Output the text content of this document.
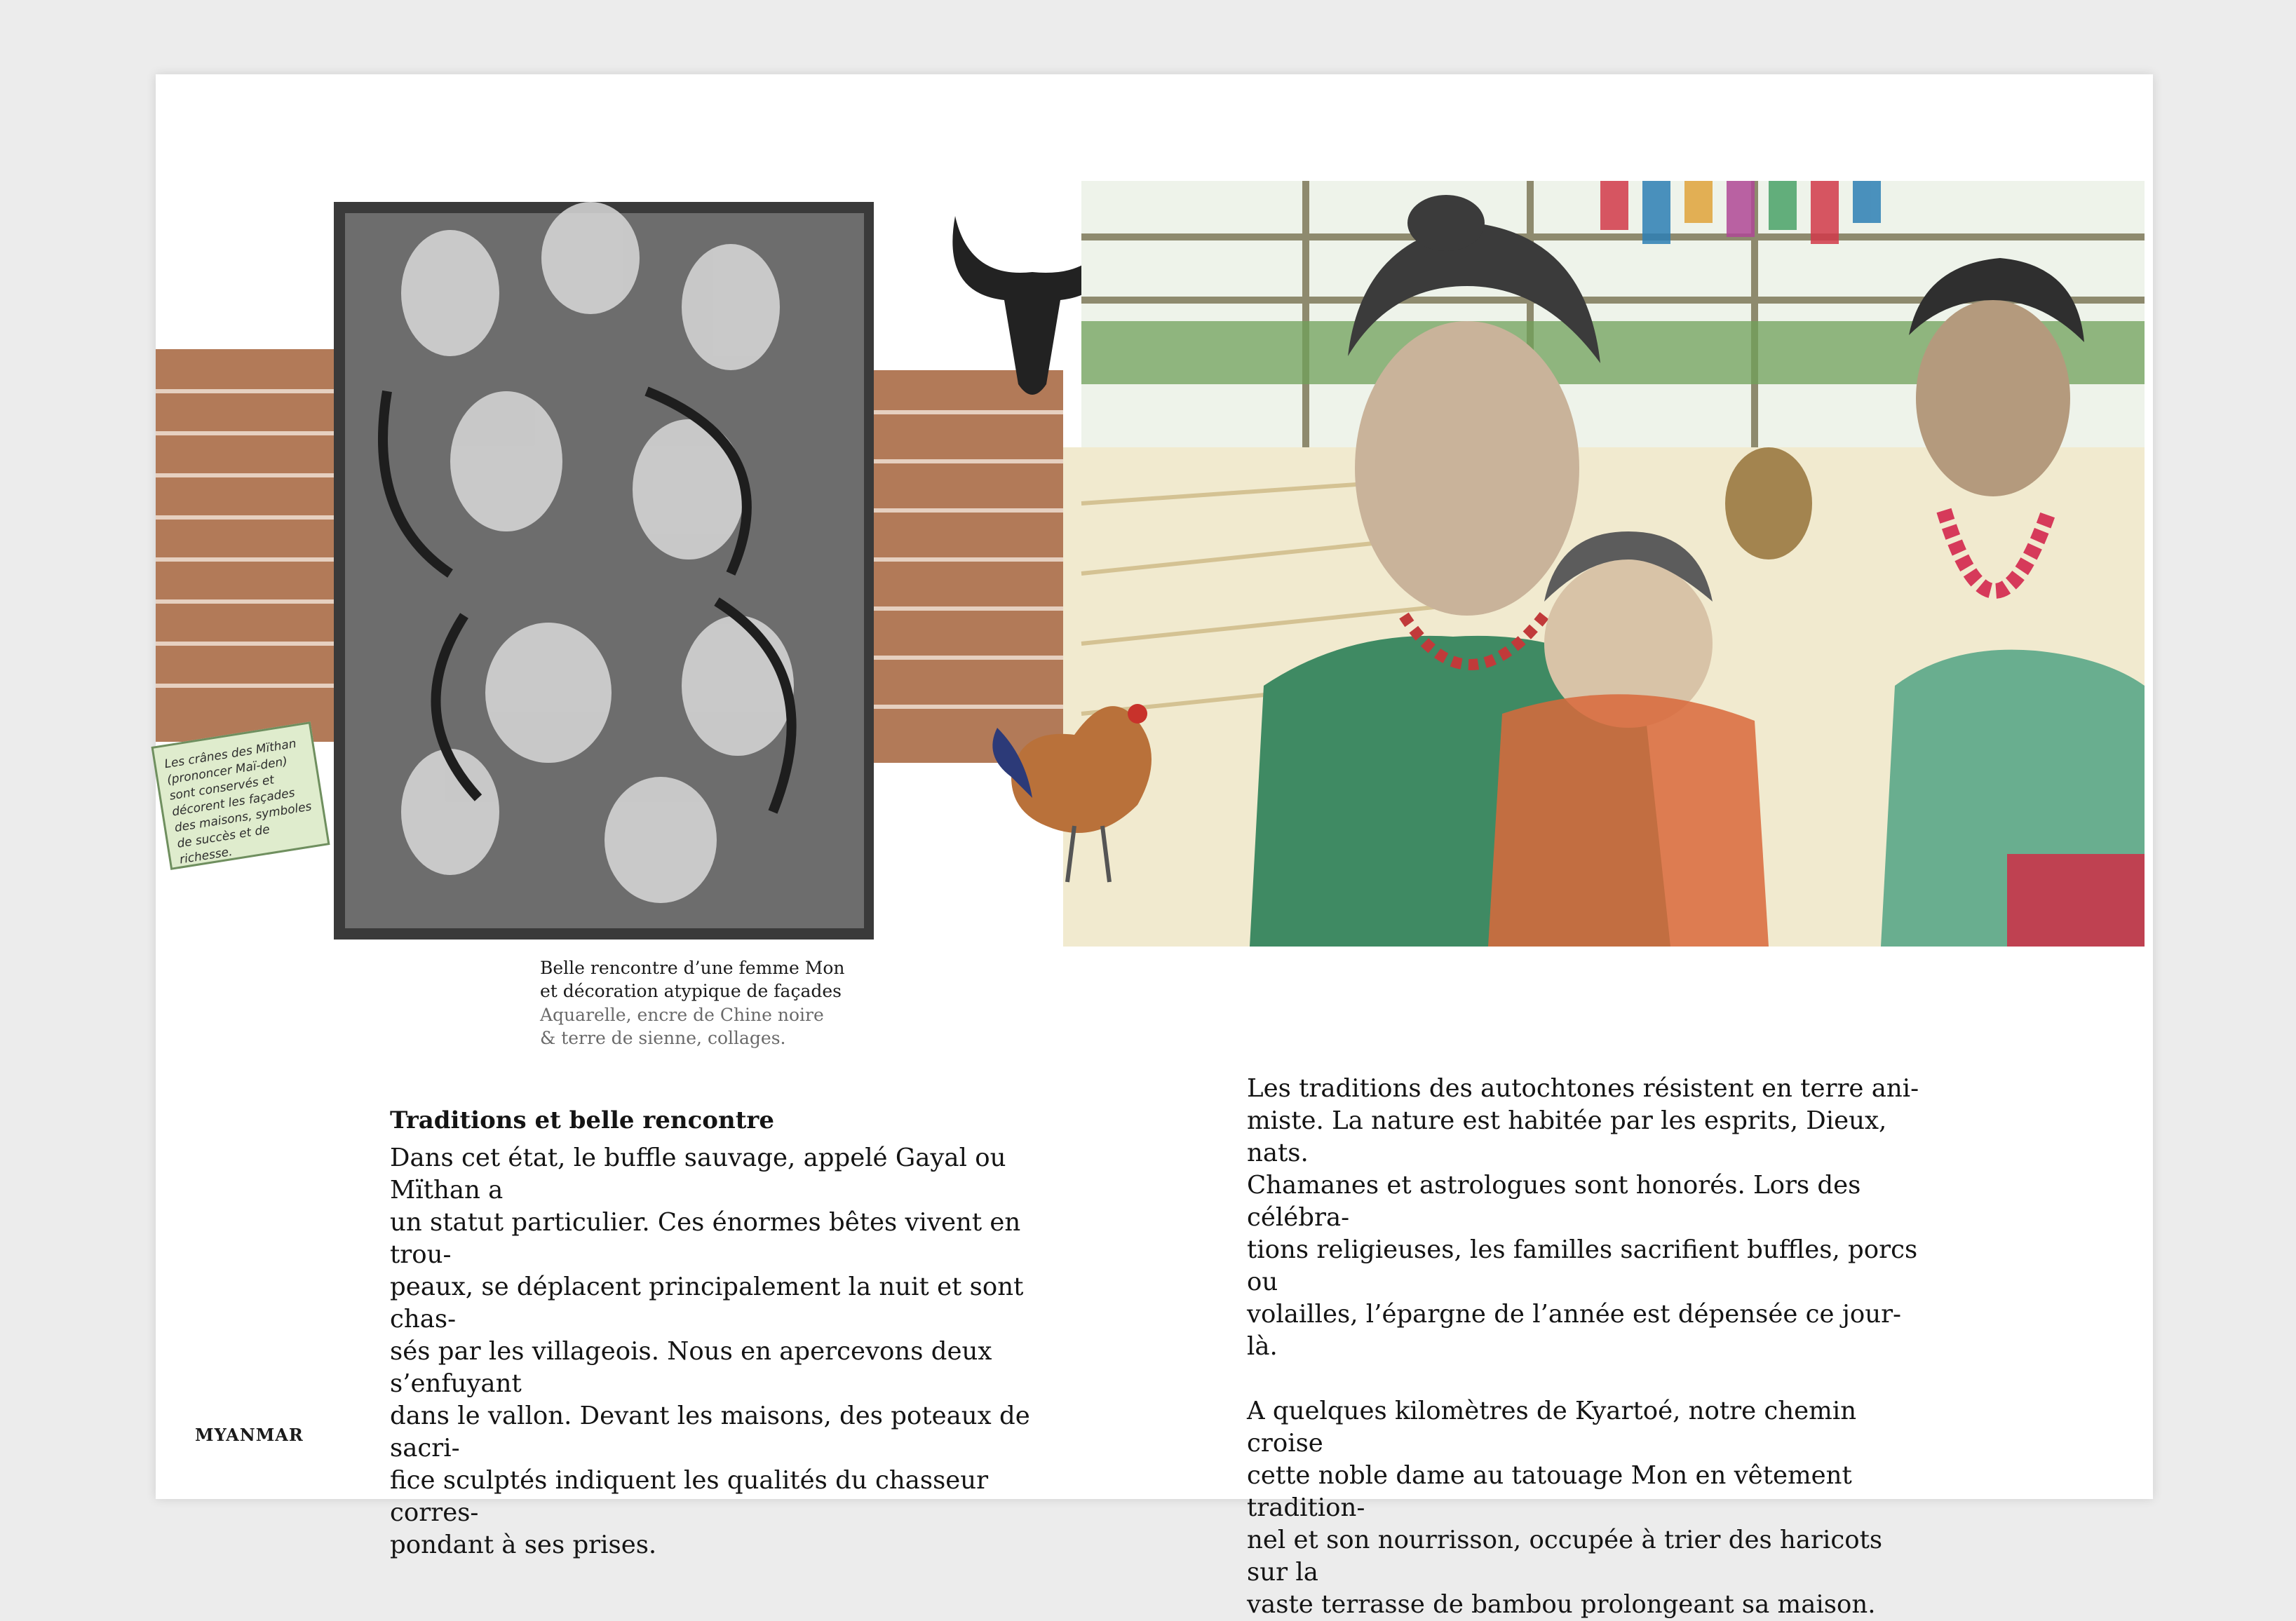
Les crânes des Mïthan (prononcer Maï-den) sont conservés et décorent les façades des maisons, symboles de succès et de richesse.
Belle rencontre d’une femme Mon
et décoration atypique de façades
Aquarelle, encre de Chine noire
& terre de sienne, collages.
Traditions et belle rencontre

Dans cet état, le buffle sauvage, appelé Gayal ou Mïthan a
un statut particulier. Ces énormes bêtes vivent en trou-
peaux, se déplacent principalement la nuit et sont chas-
sés par les villageois. Nous en apercevons deux s’enfuyant
dans le vallon. Devant les maisons, des poteaux de sacri-
fice sculptés indiquent les qualités du chasseur corres-
pondant à ses prises.

Les traditions des autochtones résistent en terre ani-
miste. La nature est habitée par les esprits, Dieux, nats.
Chamanes et astrologues sont honorés. Lors des célébra-
tions religieuses, les familles sacrifient buffles, porcs ou
volailles, l’épargne de l’année est dépensée ce jour-là.

A quelques kilomètres de Kyartoé, notre chemin croise
cette noble dame au tatouage Mon en vêtement tradition-
nel et son nourrisson, occupée à trier des haricots sur la
vaste terrasse de bambou prolongeant sa maison.

MYANMAR
